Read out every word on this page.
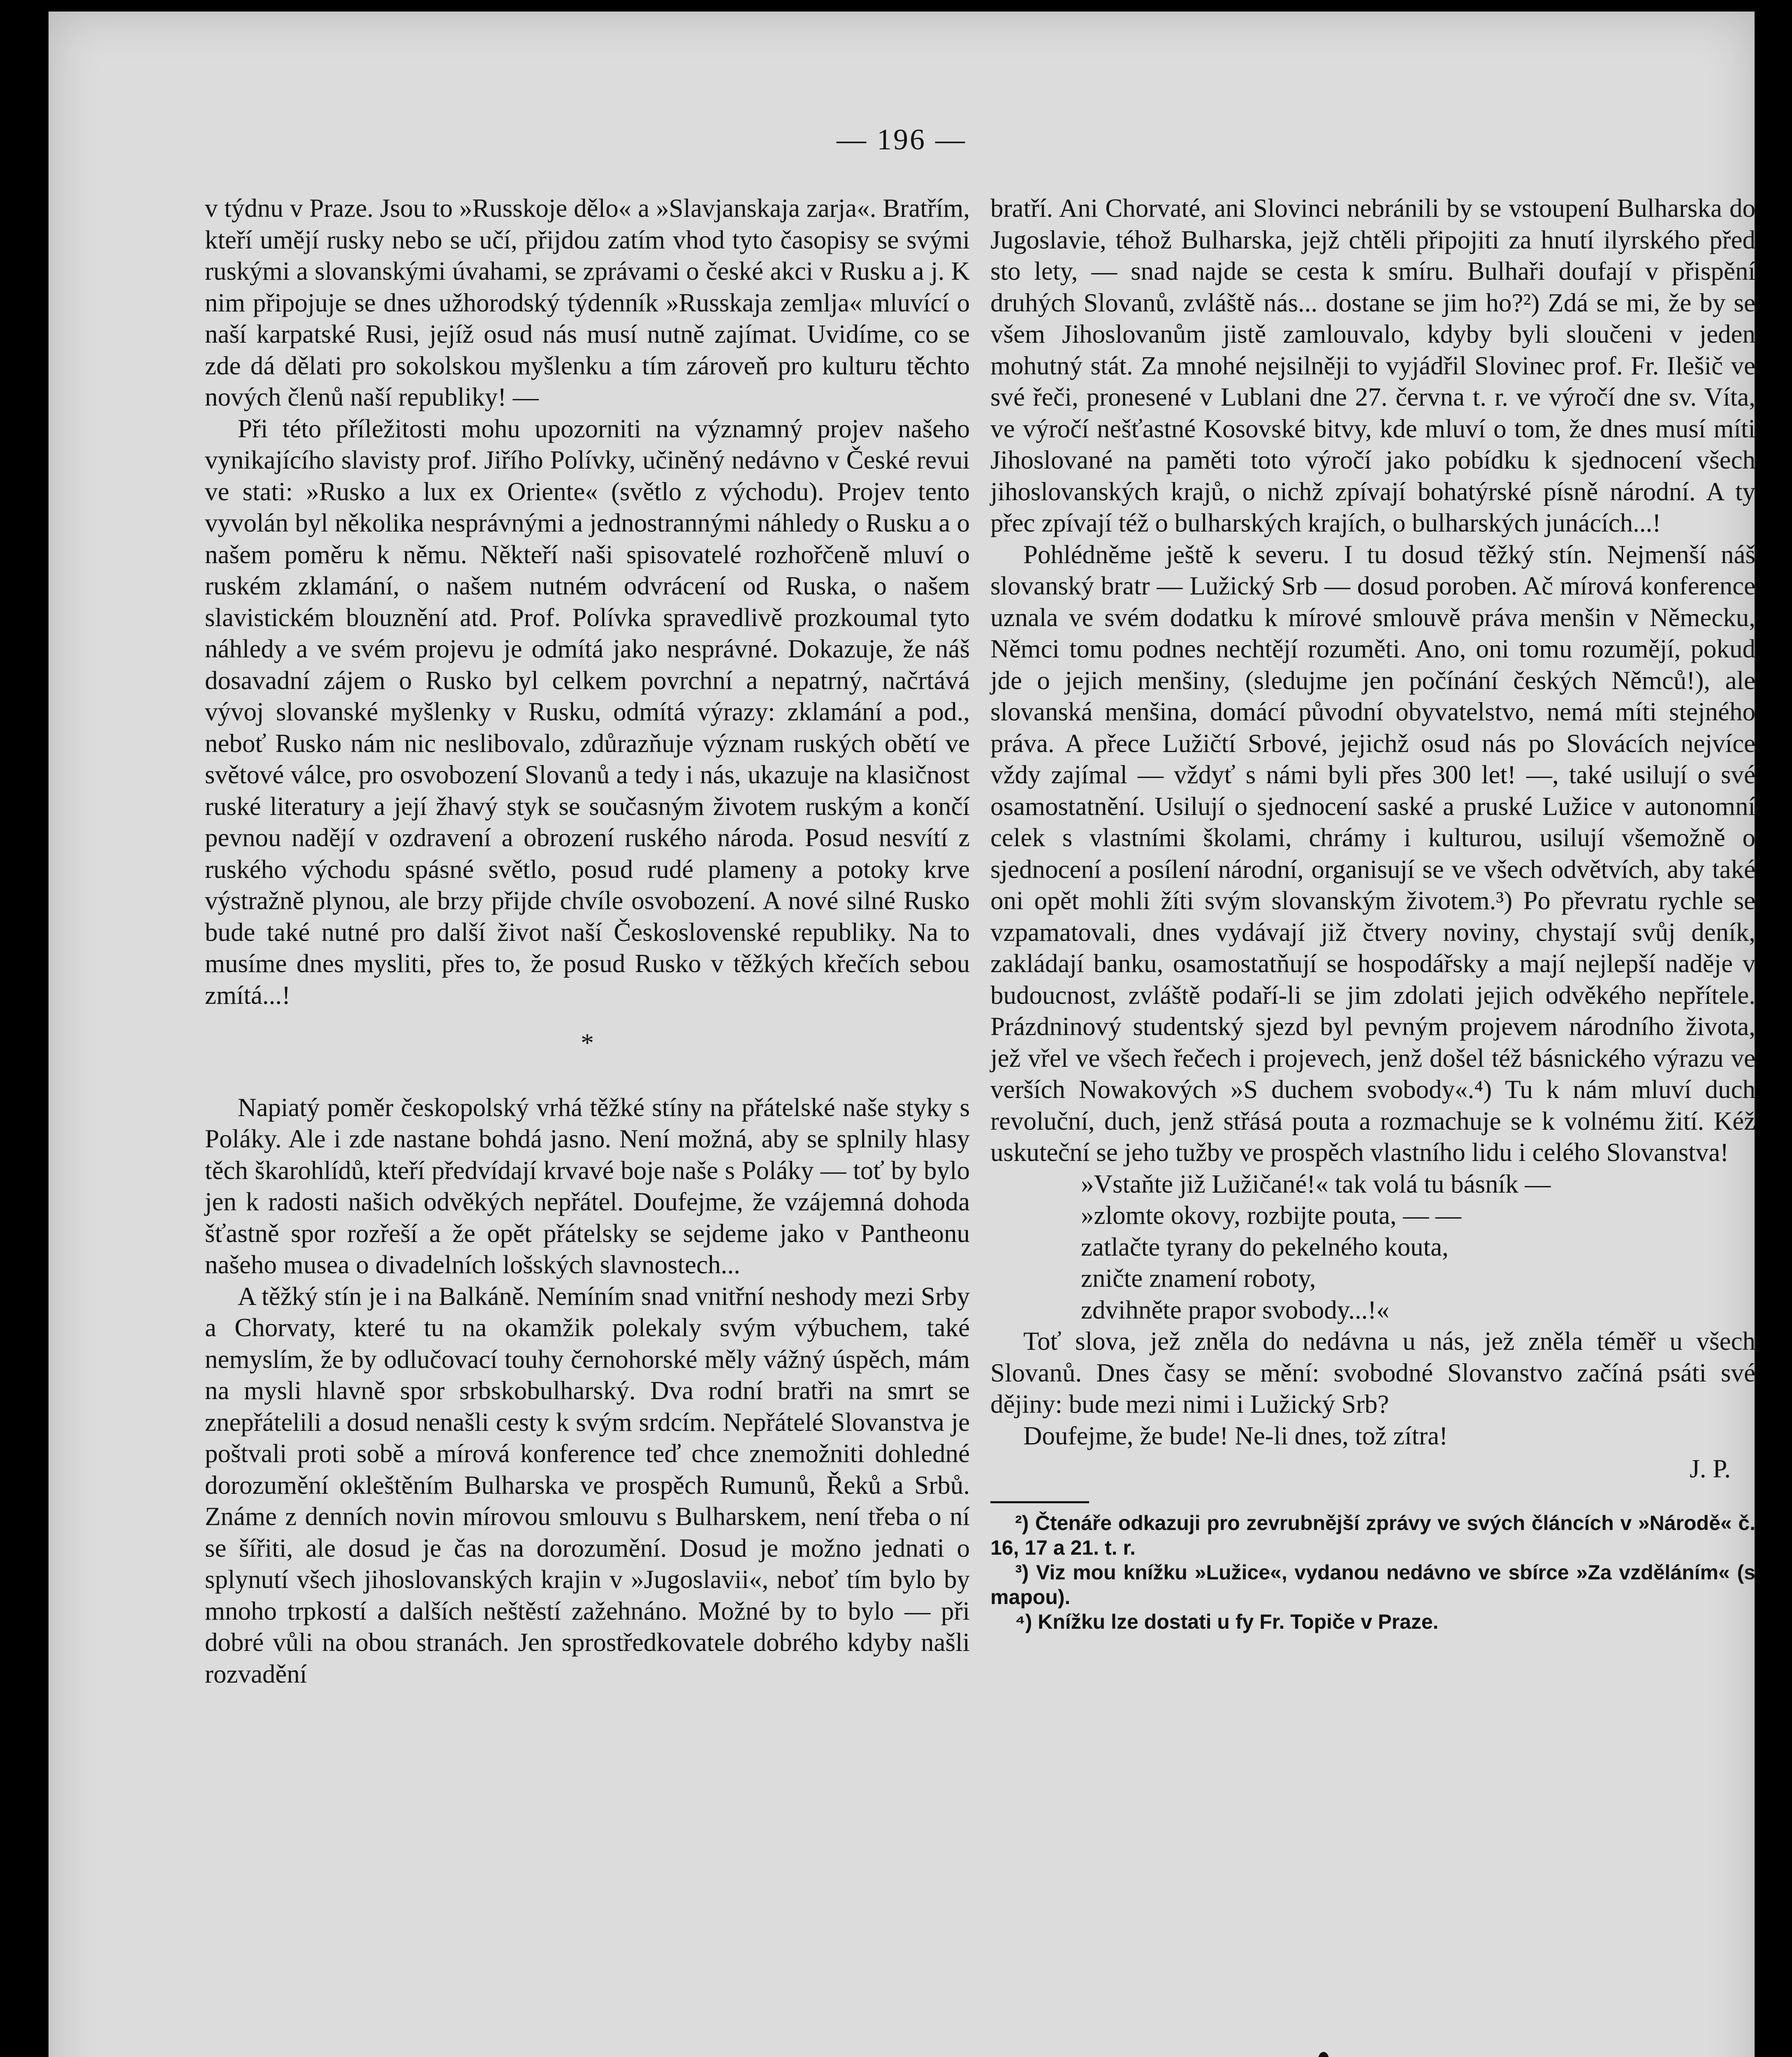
— 196 —

v týdnu v Praze. Jsou to »Russkoje dělo« a »Slavjanskaja zarja«. Bratřím, kteří umějí rusky nebo se učí, přijdou zatím vhod tyto časopisy se svými ruskými a slovanskými úvahami, se zprávami o české akci v Rusku a j. K nim připojuje se dnes užhorodský týdenník »Russkaja zemlja« mluvící o naší karpatské Rusi, jejíž osud nás musí nutně zajímat. Uvidíme, co se zde dá dělati pro sokolskou myšlenku a tím zároveň pro kulturu těchto nových členů naší republiky! —

Při této příležitosti mohu upozorniti na významný projev našeho vynikajícího slavisty prof. Jiřího Polívky, učiněný nedávno v České revui ve stati: »Rusko a lux ex Oriente« (světlo z východu). Projev tento vyvolán byl několika nesprávnými a jednostrannými náhledy o Rusku a o našem poměru k němu. Někteří naši spisovatelé rozhořčeně mluví o ruském zklamání, o našem nutném odvrácení od Ruska, o našem slavistickém blouznění atd. Prof. Polívka spravedlivě prozkoumal tyto náhledy a ve svém projevu je odmítá jako nesprávné. Dokazuje, že náš dosavadní zájem o Rusko byl celkem povrchní a nepatrný, načrtává vývoj slovanské myšlenky v Rusku, odmítá výrazy: zklamání a pod., neboť Rusko nám nic neslibovalo, zdůrazňuje význam ruských obětí ve světové válce, pro osvobození Slovanů a tedy i nás, ukazuje na klasičnost ruské literatury a její žhavý styk se současným životem ruským a končí pevnou nadějí v ozdravení a obrození ruského národa. Posud nesvítí z ruského východu spásné světlo, posud rudé plameny a potoky krve výstražně plynou, ale brzy přijde chvíle osvobození. A nové silné Rusko bude také nutné pro další život naší Československé republiky. Na to musíme dnes mysliti, přes to, že posud Rusko v těžkých křečích sebou zmítá...!

*

Napiatý poměr českopolský vrhá těžké stíny na přátelské naše styky s Poláky. Ale i zde nastane bohdá jasno. Není možná, aby se splnily hlasy těch škarohlídů, kteří předvídají krvavé boje naše s Poláky — toť by bylo jen k radosti našich odvěkých nepřátel. Doufejme, že vzájemná dohoda šťastně spor rozřeší a že opět přátelsky se sejdeme jako v Pantheonu našeho musea o divadelních lošských slavnostech...

A těžký stín je i na Balkáně. Nemíním snad vnitřní neshody mezi Srby a Chorvaty, které tu na okamžik polekaly svým výbuchem, také nemyslím, že by odlučovací touhy černohorské měly vážný úspěch, mám na mysli hlavně spor srbskobulharský. Dva rodní bratři na smrt se znepřátelili a dosud nenašli cesty k svým srdcím. Nepřátelé Slovanstva je poštvali proti sobě a mírová konference teď chce znemožniti dohledné dorozumění okleštěním Bulharska ve prospěch Rumunů, Řeků a Srbů. Známe z denních novin mírovou smlouvu s Bulharskem, není třeba o ní se šířiti, ale dosud je čas na dorozumění. Dosud je možno jednati o splynutí všech jihoslovanských krajin v »Jugoslavii«, neboť tím bylo by mnoho trpkostí a dalších neštěstí zažehnáno. Možné by to bylo — při dobré vůli na obou stranách. Jen sprostředkovatele dobrého kdyby našli rozvadění

bratří. Ani Chorvaté, ani Slovinci nebránili by se vstoupení Bulharska do Jugoslavie, téhož Bulharska, jejž chtěli připojiti za hnutí ilyrského před sto lety, — snad najde se cesta k smíru. Bulhaři doufají v přispění druhých Slovanů, zvláště nás... dostane se jim ho?²) Zdá se mi, že by se všem Jihoslovanům jistě zamlouvalo, kdyby byli sloučeni v jeden mohutný stát. Za mnohé nejsilněji to vyjádřil Slovinec prof. Fr. Ilešič ve své řeči, pronesené v Lublani dne 27. června t. r. ve výročí dne sv. Víta, ve výročí nešťastné Kosovské bitvy, kde mluví o tom, že dnes musí míti Jihoslované na paměti toto výročí jako pobídku k sjednocení všech jihoslovanských krajů, o nichž zpívají bohatýrské písně národní. A ty přec zpívají též o bulharských krajích, o bulharských junácích...!

Pohlédněme ještě k severu. I tu dosud těžký stín. Nejmenší náš slovanský bratr — Lužický Srb — dosud poroben. Ač mírová konference uznala ve svém dodatku k mírové smlouvě práva menšin v Německu, Němci tomu podnes nechtějí rozuměti. Ano, oni tomu rozumějí, pokud jde o jejich menšiny, (sledujme jen počínání českých Němců!), ale slovanská menšina, domácí původní obyvatelstvo, nemá míti stejného práva. A přece Lužičtí Srbové, jejichž osud nás po Slovácích nejvíce vždy zajímal — vždyť s námi byli přes 300 let! —, také usilují o své osamostatnění. Usilují o sjednocení saské a pruské Lužice v autonomní celek s vlastními školami, chrámy i kulturou, usilují všemožně o sjednocení a posílení národní, organisují se ve všech odvětvích, aby také oni opět mohli žíti svým slovanským životem.³) Po převratu rychle se vzpamatovali, dnes vydávají již čtvery noviny, chystají svůj deník, zakládají banku, osamostatňují se hospodářsky a mají nejlepší naděje v budoucnost, zvláště podaří-li se jim zdolati jejich odvěkého nepřítele. Prázdninový studentský sjezd byl pevným projevem národního života, jež vřel ve všech řečech i projevech, jenž došel též básnického výrazu ve verších Nowakových »S duchem svobody«.⁴) Tu k nám mluví duch revoluční, duch, jenž střásá pouta a rozmachuje se k volnému žití. Kéž uskuteční se jeho tužby ve prospěch vlastního lidu i celého Slovanstva!

»Vstaňte již Lužičané!« tak volá tu básník —
»zlomte okovy, rozbijte pouta, — —
zatlačte tyrany do pekelného kouta,
zničte znamení roboty,
zdvihněte prapor svobody...!«

Toť slova, jež zněla do nedávna u nás, jež zněla téměř u všech Slovanů. Dnes časy se mění: svobodné Slovanstvo začíná psáti své dějiny: bude mezi nimi i Lužický Srb?

Doufejme, že bude! Ne-li dnes, tož zítra!

J. P.

²) Čtenáře odkazuji pro zevrubnější zprávy ve svých článcích v »Národě« č. 16, 17 a 21. t. r.

³) Viz mou knížku »Lužice«, vydanou nedávno ve sbírce »Za vzděláním« (s mapou).

⁴) Knížku lze dostati u fy Fr. Topiče v Praze.
